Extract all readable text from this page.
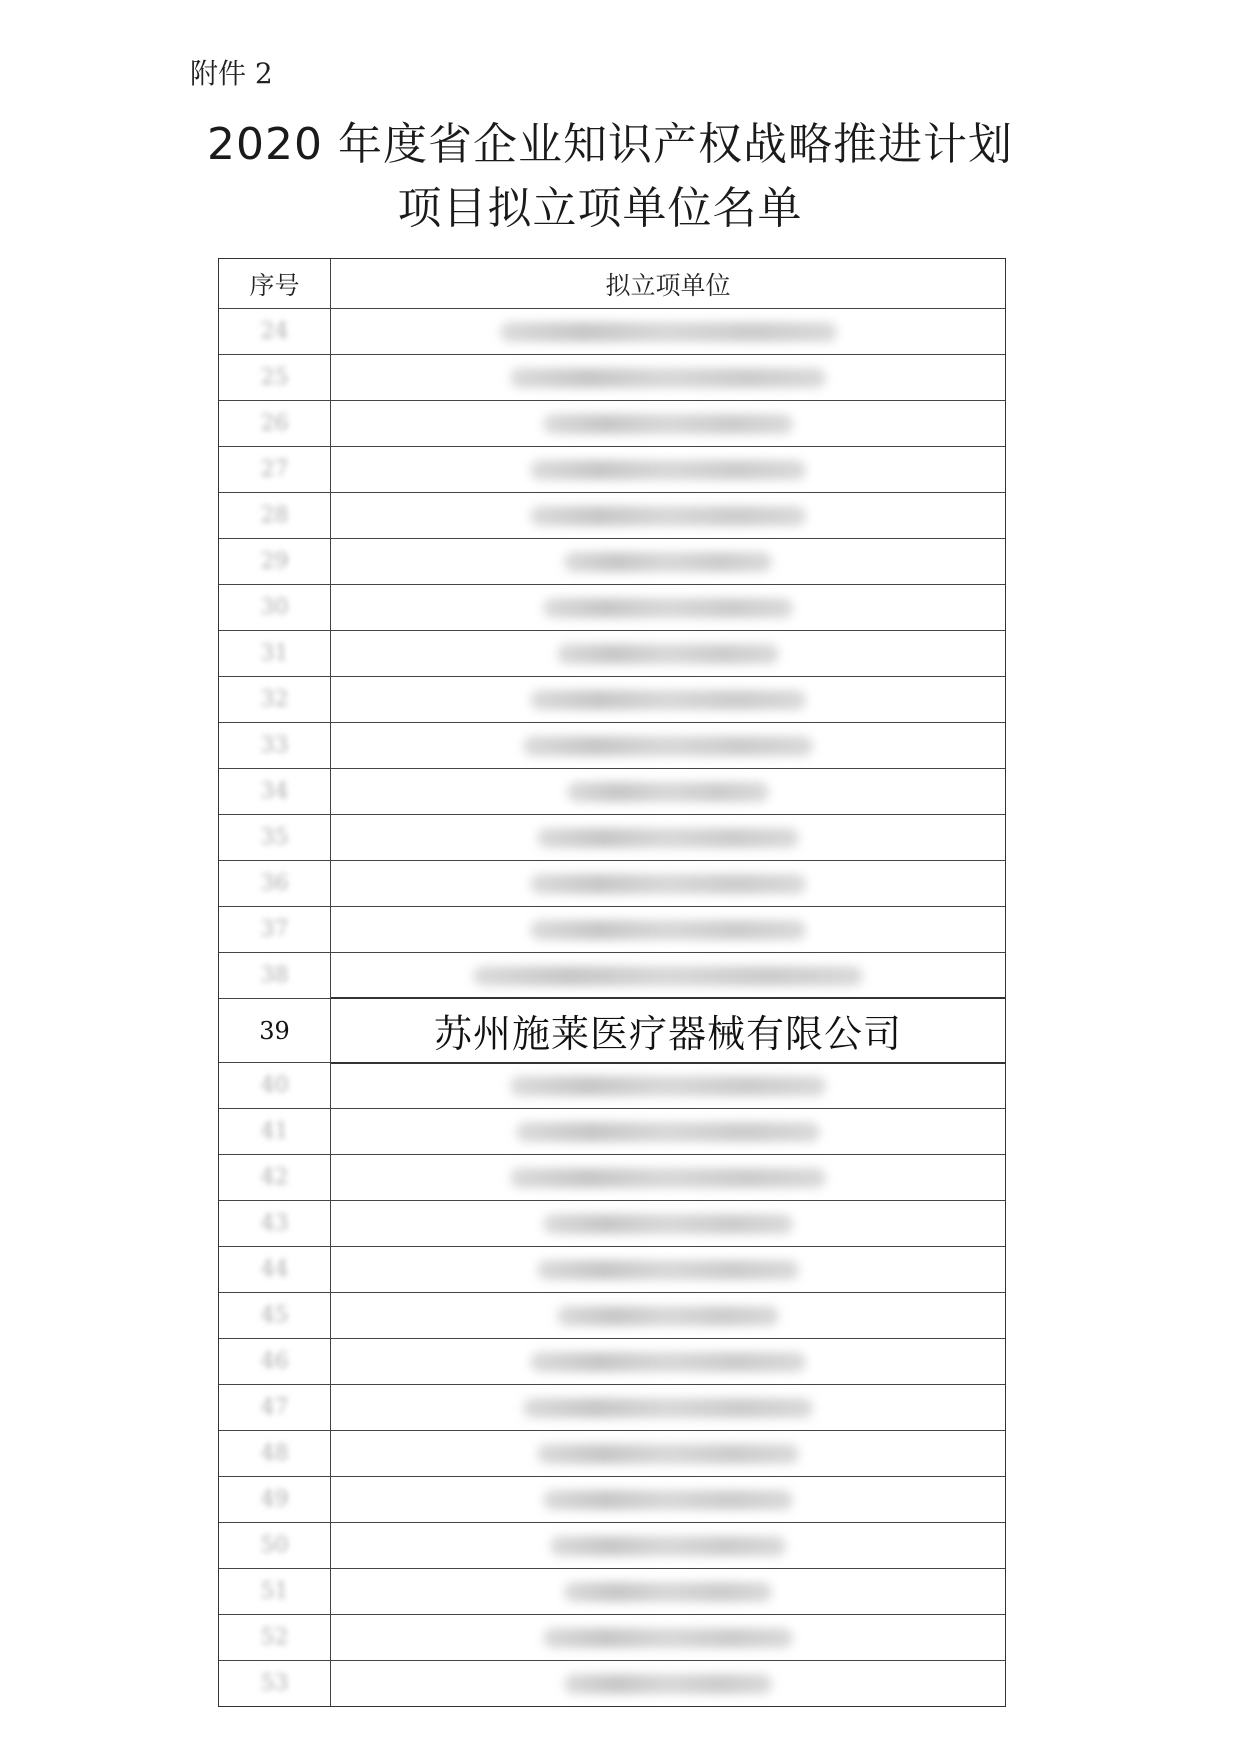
附件 2
2020 年度省企业知识产权战略推进计划
项目拟立项单位名单
序号	拟立项单位
24
25
26
27
28
29
30
31
32
33
34
35
36
37
38
39	苏州施莱医疗器械有限公司
40
41
42
43
44
45
46
47
48
49
50
51
52
53
